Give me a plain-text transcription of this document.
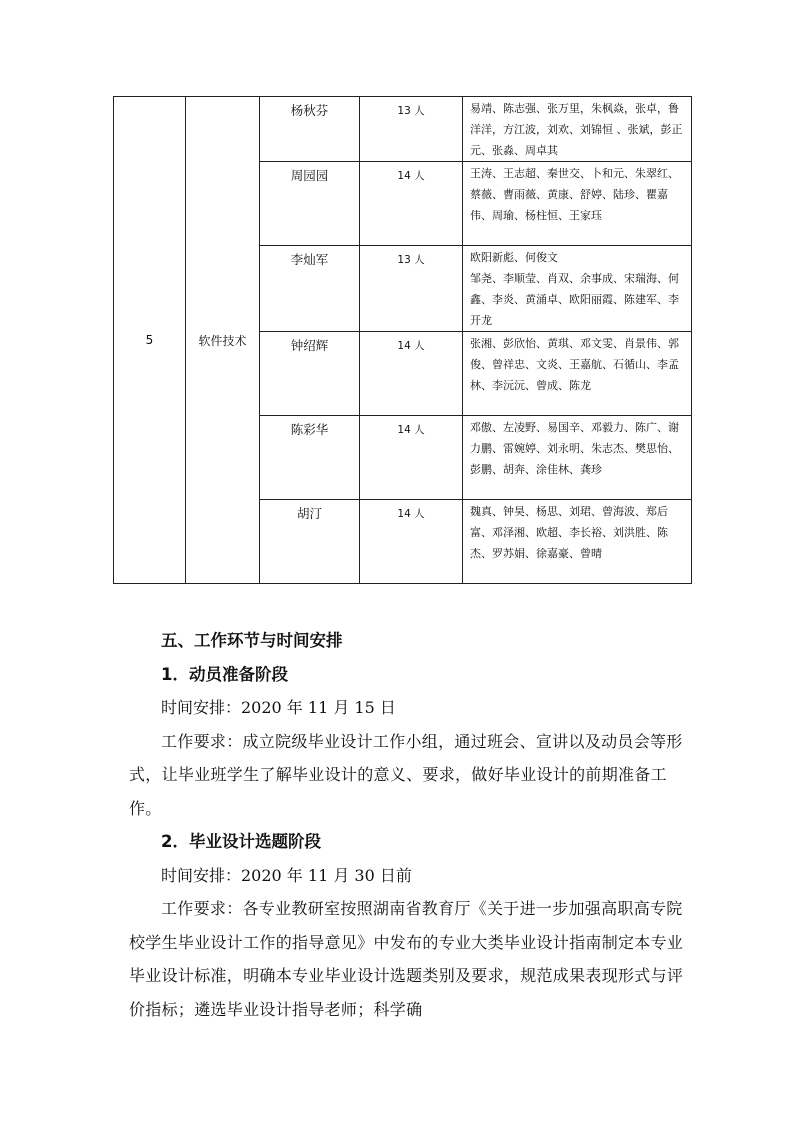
5	软件技术	杨秋芬	13 人	易靖、陈志强、张万里，朱枫焱，张卓，鲁洋洋，方江波，刘欢、刘锦恒 、张斌，彭正元、张淼、周卓其

		周园园	14 人	王涛、王志超、秦世交、卜和元、朱翠红、蔡薇、曹雨薇、黄康、舒婷、陆珍、瞿嘉伟、周瑜、杨柱恒、王家珏

		李灿军	13 人	欧阳新彪、何俊文

邹尧、李顺莹、肖双、余事成、宋瑞海、何鑫、李炎、黄涌卓、欧阳丽霞、陈建军、李开龙

		钟绍辉	14 人	张湘、彭欣怡、黄琪、邓文雯、肖景伟、郭俊、曾祥忠、文炎、王嘉航、石循山、李孟林、李沅沅、曾成、陈龙

		陈彩华	14 人	邓傲、左凌野、易国辛、邓毅力、陈广、谢力鹏、雷婉婷、刘永明、朱志杰、樊思怡、彭鹏、胡奔、涂佳林、龚珍

		胡汀	14 人	魏真、钟昊、杨思、刘珺、曾海波、郑后富、邓泽湘、欧超、李长裕、刘洪胜、陈杰、罗苏娟、徐嘉豪、曾晴

五、工作环节与时间安排

1．动员准备阶段

时间安排：2020 年 11 月 15 日

工作要求：成立院级毕业设计工作小组，通过班会、宣讲以及动员会等形式，让毕业班学生了解毕业设计的意义、要求，做好毕业设计的前期准备工作。

2．毕业设计选题阶段

时间安排：2020 年 11 月 30 日前

工作要求：各专业教研室按照湖南省教育厅《关于进一步加强高职高专院校学生毕业设计工作的指导意见》中发布的专业大类毕业设计指南制定本专业毕业设计标准，明确本专业毕业设计选题类别及要求，规范成果表现形式与评价指标；遴选毕业设计指导老师；科学确
